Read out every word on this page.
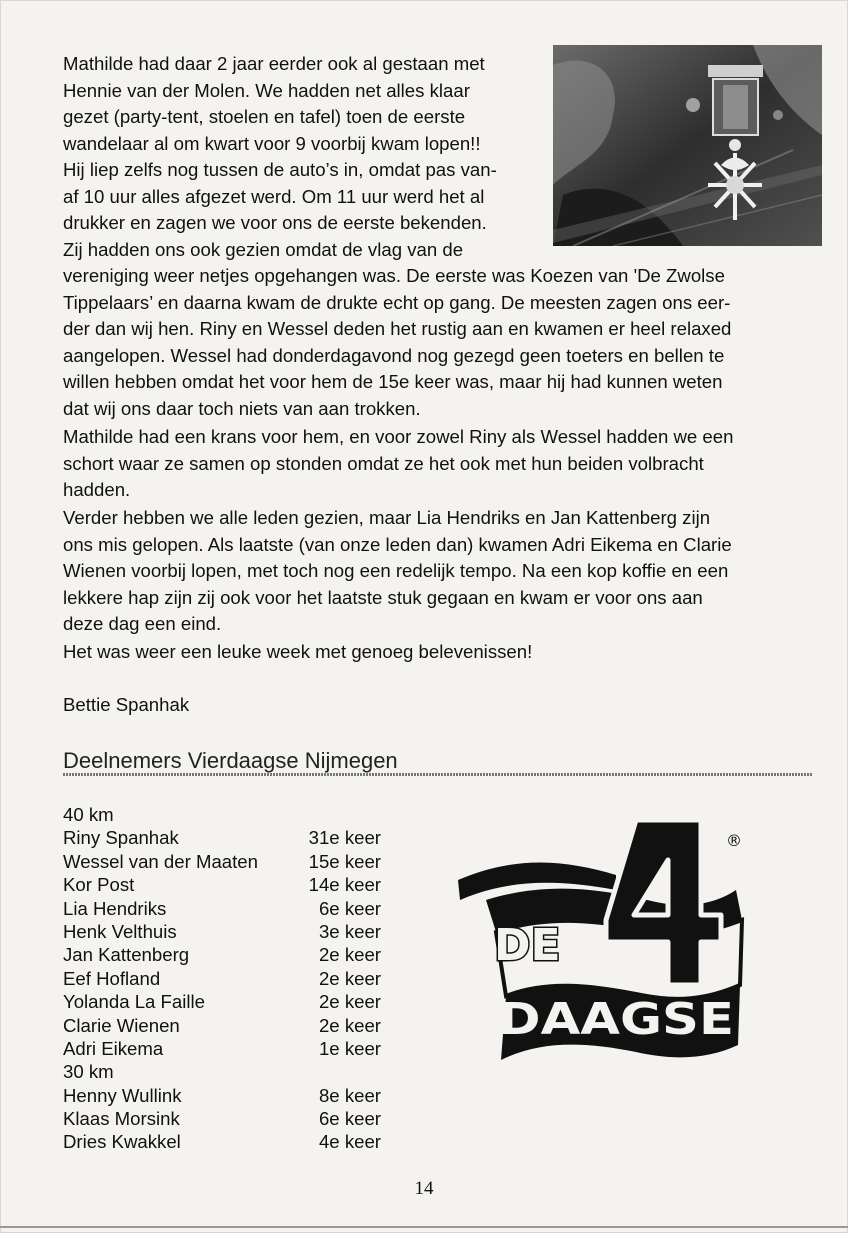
Mathilde had daar 2 jaar eerder ook al gestaan met
Hennie van der Molen. We hadden net alles klaar
gezet (party-tent, stoelen en tafel) toen de eerste
wandelaar al om kwart voor 9 voorbij kwam lopen!!
Hij liep zelfs nog tussen de auto’s in, omdat pas van-
af 10 uur alles afgezet werd. Om 11 uur werd het al
drukker en zagen we voor ons de eerste bekenden.
Zij hadden ons ook gezien omdat de vlag van de
vereniging weer netjes opgehangen was. De eerste was Koezen van 'De Zwolse
Tippelaars’ en daarna kwam de drukte echt op gang. De meesten zagen ons eer-
der dan wij hen. Riny en Wessel deden het rustig aan en kwamen er heel relaxed
aangelopen. Wessel had donderdagavond nog gezegd geen toeters en bellen te
willen hebben omdat het voor hem de 15e keer was, maar hij had kunnen weten
dat wij ons daar toch niets van aan trokken.
Mathilde had een krans voor hem, en voor zowel Riny als Wessel hadden we een
schort waar ze samen op stonden omdat ze het ook met hun beiden volbracht
hadden.
Verder hebben we alle leden gezien, maar Lia Hendriks en Jan Kattenberg zijn
ons mis gelopen. Als laatste (van onze leden dan) kwamen Adri Eikema en Clarie
Wienen voorbij lopen, met toch nog een redelijk tempo. Na een kop koffie en een
lekkere hap zijn zij ook voor het laatste stuk gegaan en kwam er voor ons aan
deze dag een eind.
Het was weer een leuke week met genoeg belevenissen!
Bettie Spanhak
Deelnemers Vierdaagse Nijmegen
40 km
Riny Spanhak	31e keer
Wessel van der Maaten	15e keer
Kor Post	14e keer
Lia Hendriks	6e keer
Henk Velthuis	3e keer
Jan Kattenberg	2e keer
Eef Hofland	2e keer
Yolanda La Faille	2e keer
Clarie Wienen	2e keer
Adri Eikema	1e keer
30 km
Henny Wullink	8e keer
Klaas Morsink	6e keer
Dries Kwakkel	4e keer
DE
DAAGSE
®
14
